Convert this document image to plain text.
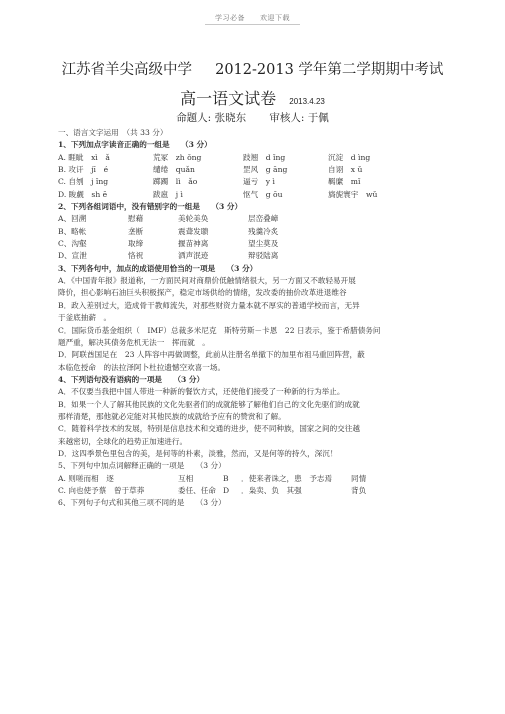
学习必备　　欢迎下载
江苏省羊尖高级中学 2012-2013 学年第二学期期中考试
高一语文试卷 2013.4.23
命题人: 张晓东 审核人: 于佩
一、语言文字运用　（共 33 分）
1、下列加点字读音正确的一组是　　（3 分）
A. 睚眦　xì　ǎ	荒冢　zh ǒng	跂翘　d ǐng	沉淀　d ìng
B. 攻讦　jī　é	缱绻　quǎn	罡风　g āng	自诩　x ǔ
C. 自刎　j ǐng	踯躅　lì　ǎo	逼亏　y ì	羁縻　mǐ
D. 睃觑　sh ē	跋扈　j ì	怄气　g ōu	旖旎寰宇　wǔ
2、下列各组词语中，没有错别字的一组是　　（3 分）
A、回溯	慰藉	美轮美奂	层峦叠嶂
B、略帐	垄断	震聋发聩	残羹冷炙
C、沟壑	取缔	揠苗神离	望尘莫及
D、宣泄	恪祝	洒声泯迹	辩驳陆离
3、下列各句中，加点的成语使用恰当的一项是　　（3 分）
A．《中国青年报》报道称，一方面民间对商鼎价低触情绪很大，另一方面又不敢轻易开展
降价，担心影响石油巨头积极探产，稳定市场供给的情绪，发改委的抽价改革进退维谷
B．政入差别过大，造成骨干教师流失，对那些财资力量本就不厚实的普通学校而言，无异
于釜底抽薪　。
C．国际货币基金组织（　IMF）总裁多米尼克　斯特劳斯－卡恩　22 日表示，鉴于希腊债务问
题严重，解决其债务危机无法一　挥而就　。
D．阿联酋国足在　23 人阵容中再做调整，此前从注册名单撤下的加里布祖马重回阵营，蔽
本临危授命　的法拉泽阿卜杜拉遗憾空欢喜一场。
4、下列语句没有语病的一项是　　（3 分）
A．不仅要当我把中国人带进一种新的餐饮方式，还使他们接受了一种新的行为举止。
B．如果一个人了解其他民族的文化先驱者们的成就能够了解他们自己的文化先驱们的成就
那样清楚，那他就必定能对其他民族的成就给予应有的赞赏和了解。
C．随着科学技术的发展，特别是信息技术和交通的进步，使不同种族，国家之间的交往越
来越密切，全球化的趋势正加速进行。
D．这四季景色里包含的美，是何等的朴素，淡雅，然而，又是何等的持久，深沉！
5、下列句中加点词解释正确的一项是　　（3 分）
A. 则嗟而相　逐	互相	B	．使来者诛之，患　予志焉	同情
C. 向也使予蔡　曾于草莽	委任、任命 D	．枭卖、负　其强	背负
6、下列句子句式和其他三项不同的是　　（3 分）
